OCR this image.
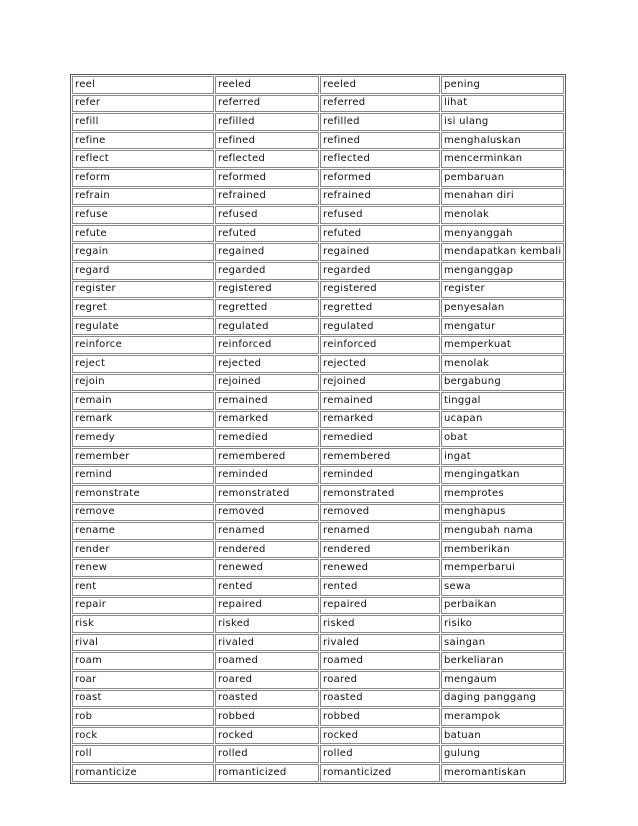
reel	reeled	reeled	pening
refer	referred	referred	lihat
refill	refilled	refilled	isi ulang
refine	refined	refined	menghaluskan
reflect	reflected	reflected	mencerminkan
reform	reformed	reformed	pembaruan
refrain	refrained	refrained	menahan diri
refuse	refused	refused	menolak
refute	refuted	refuted	menyanggah
regain	regained	regained	mendapatkan kembali
regard	regarded	regarded	menganggap
register	registered	registered	register
regret	regretted	regretted	penyesalan
regulate	regulated	regulated	mengatur
reinforce	reinforced	reinforced	memperkuat
reject	rejected	rejected	menolak
rejoin	rejoined	rejoined	bergabung
remain	remained	remained	tinggal
remark	remarked	remarked	ucapan
remedy	remedied	remedied	obat
remember	remembered	remembered	ingat
remind	reminded	reminded	mengingatkan
remonstrate	remonstrated	remonstrated	memprotes
remove	removed	removed	menghapus
rename	renamed	renamed	mengubah nama
render	rendered	rendered	memberikan
renew	renewed	renewed	memperbarui
rent	rented	rented	sewa
repair	repaired	repaired	perbaikan
risk	risked	risked	risiko
rival	rivaled	rivaled	saingan
roam	roamed	roamed	berkeliaran
roar	roared	roared	mengaum
roast	roasted	roasted	daging panggang
rob	robbed	robbed	merampok
rock	rocked	rocked	batuan
roll	rolled	rolled	gulung
romanticize	romanticized	romanticized	meromantiskan
